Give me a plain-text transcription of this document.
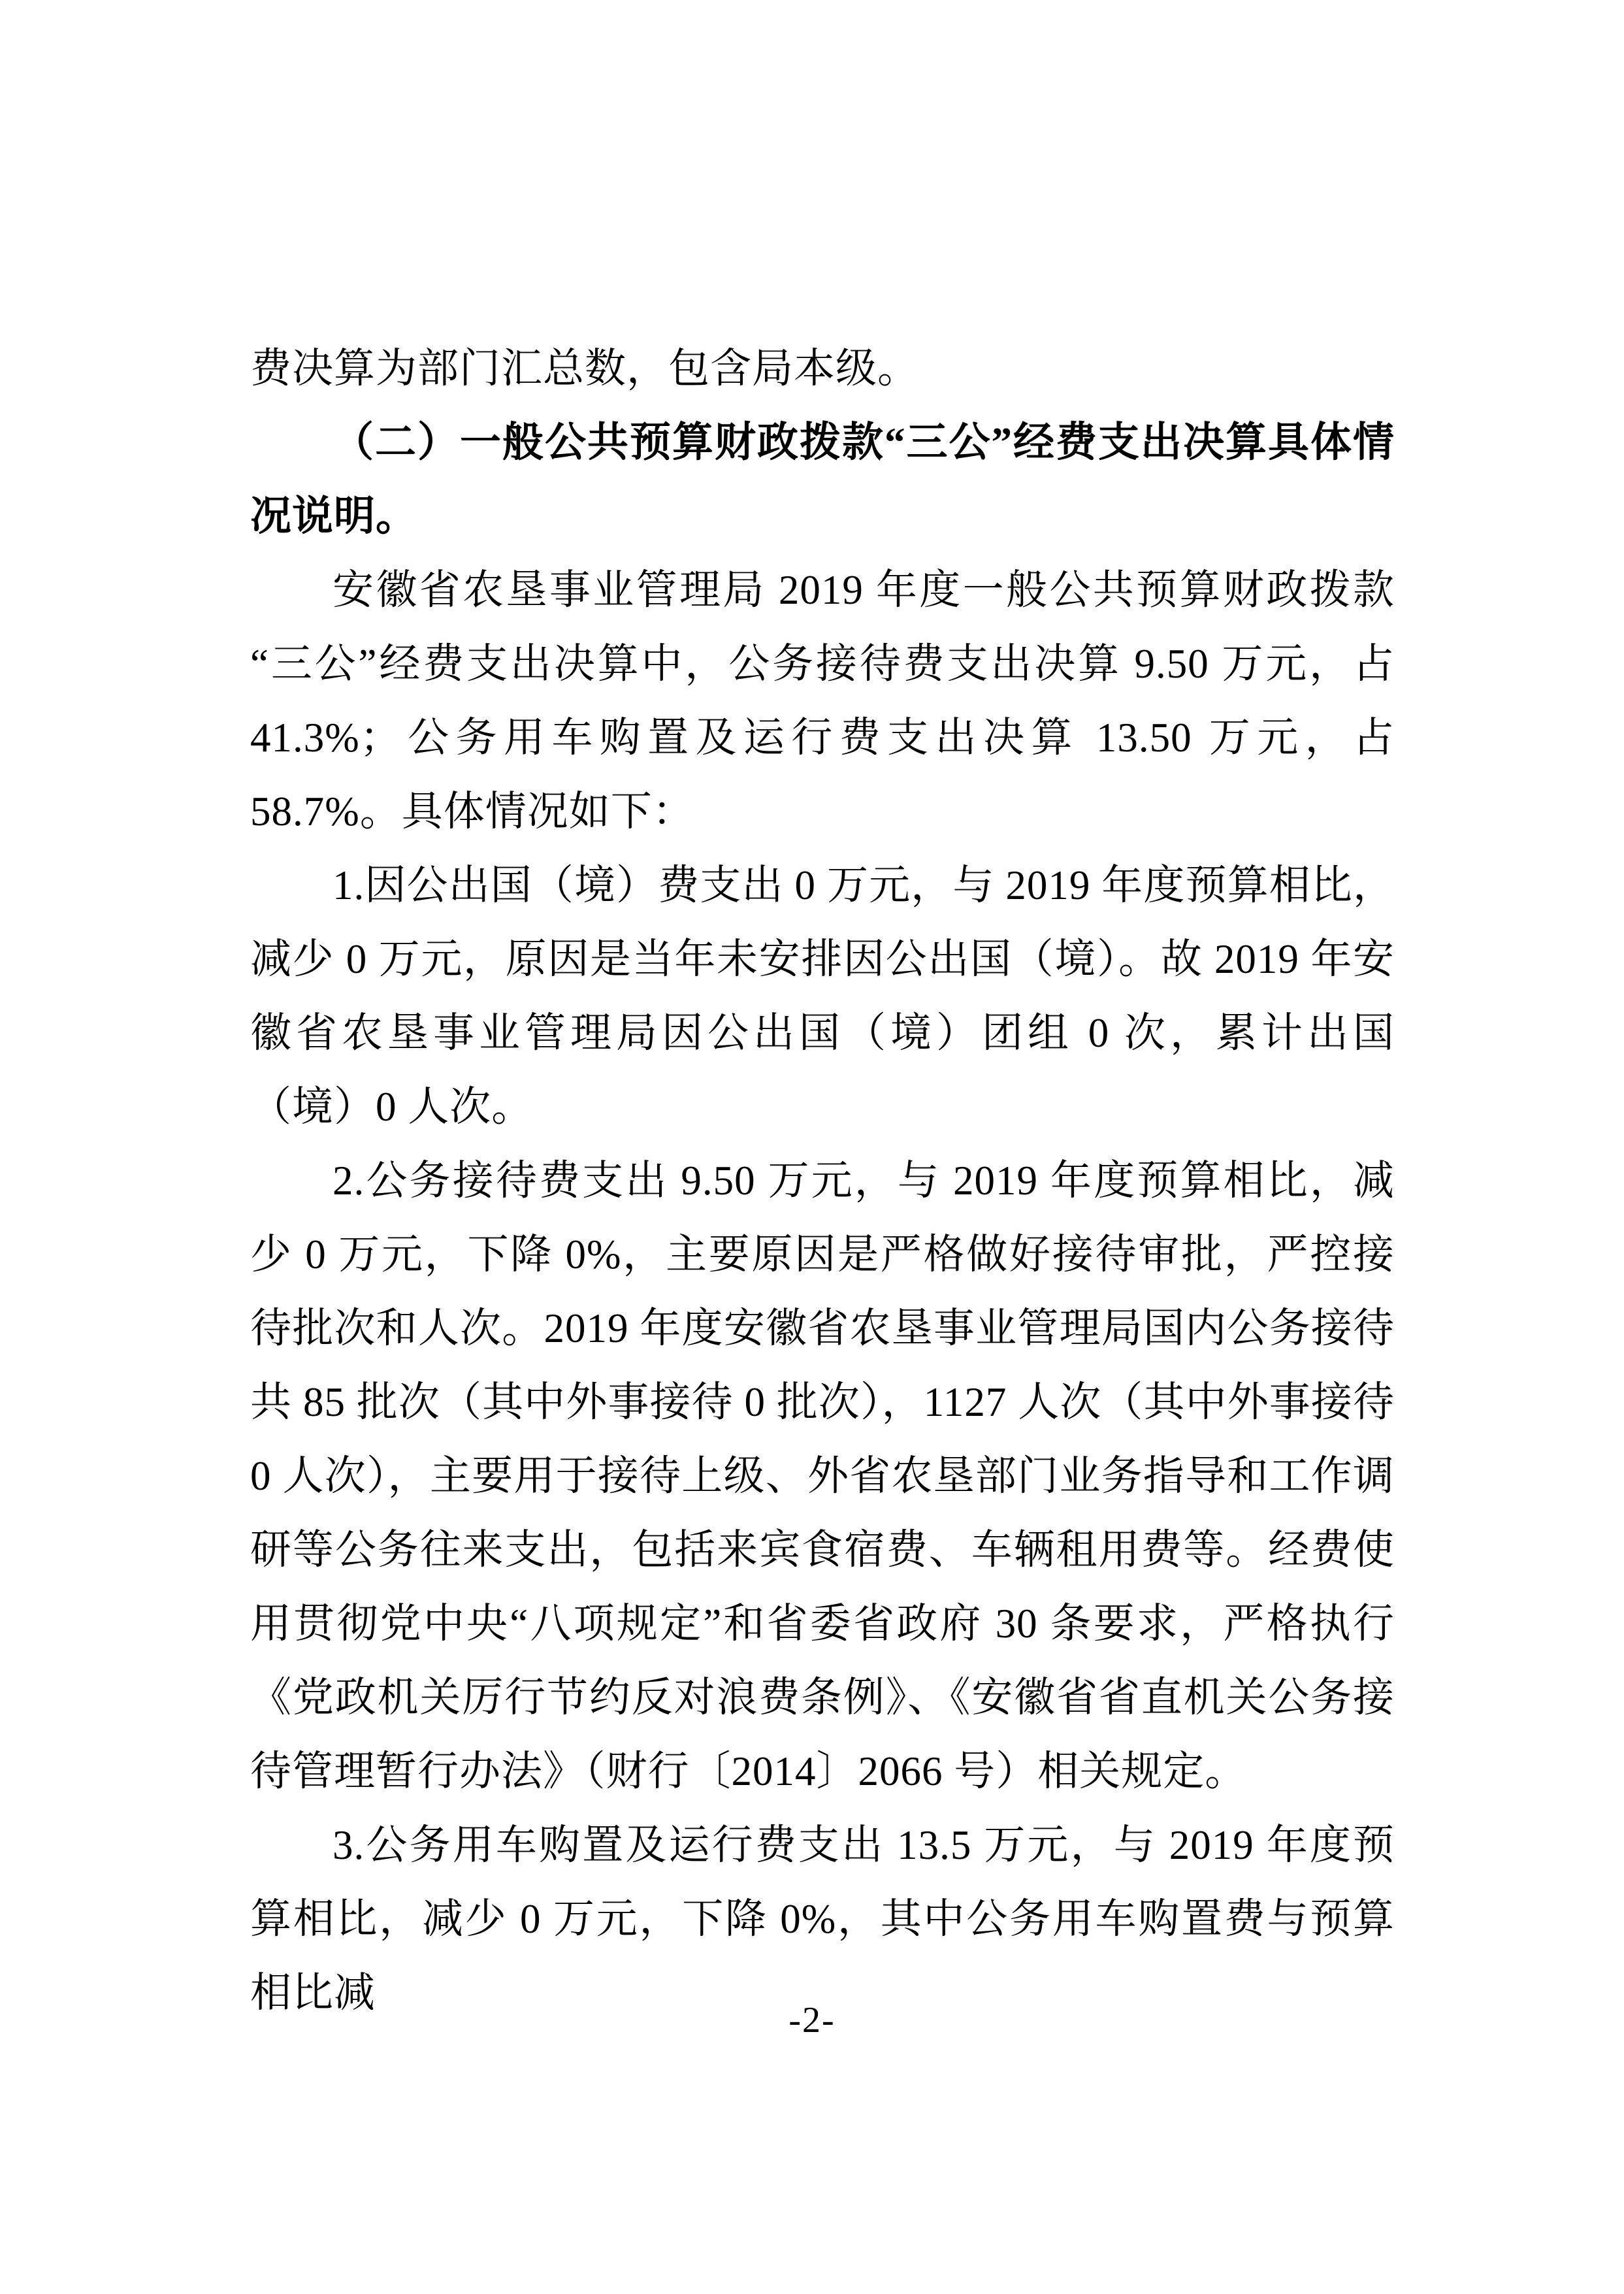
费决算为部门汇总数，包含局本级。

（二）一般公共预算财政拨款“三公”经费支出决算具体情况说明。

安徽省农垦事业管理局 2019 年度一般公共预算财政拨款“三公”经费支出决算中，公务接待费支出决算 9.50 万元，占 41.3%；公务用车购置及运行费支出决算 13.50 万元，占 58.7%。具体情况如下：

1.因公出国（境）费支出 0 万元，与 2019 年度预算相比，减少 0 万元，原因是当年未安排因公出国（境）。故 2019 年安徽省农垦事业管理局因公出国（境）团组 0 次，累计出国（境）0 人次。

2.公务接待费支出 9.50 万元，与 2019 年度预算相比，减少 0 万元，下降 0%，主要原因是严格做好接待审批，严控接待批次和人次。2019 年度安徽省农垦事业管理局国内公务接待共 85 批次（其中外事接待 0 批次），1127 人次（其中外事接待 0 人次），主要用于接待上级、外省农垦部门业务指导和工作调研等公务往来支出，包括来宾食宿费、车辆租用费等。经费使用贯彻党中央“八项规定”和省委省政府 30 条要求，严格执行《党政机关厉行节约反对浪费条例》、《安徽省省直机关公务接待管理暂行办法》（财行〔2014〕2066 号）相关规定。

3.公务用车购置及运行费支出 13.5 万元，与 2019 年度预算相比，减少 0 万元，下降 0%，其中公务用车购置费与预算相比减

-2-
